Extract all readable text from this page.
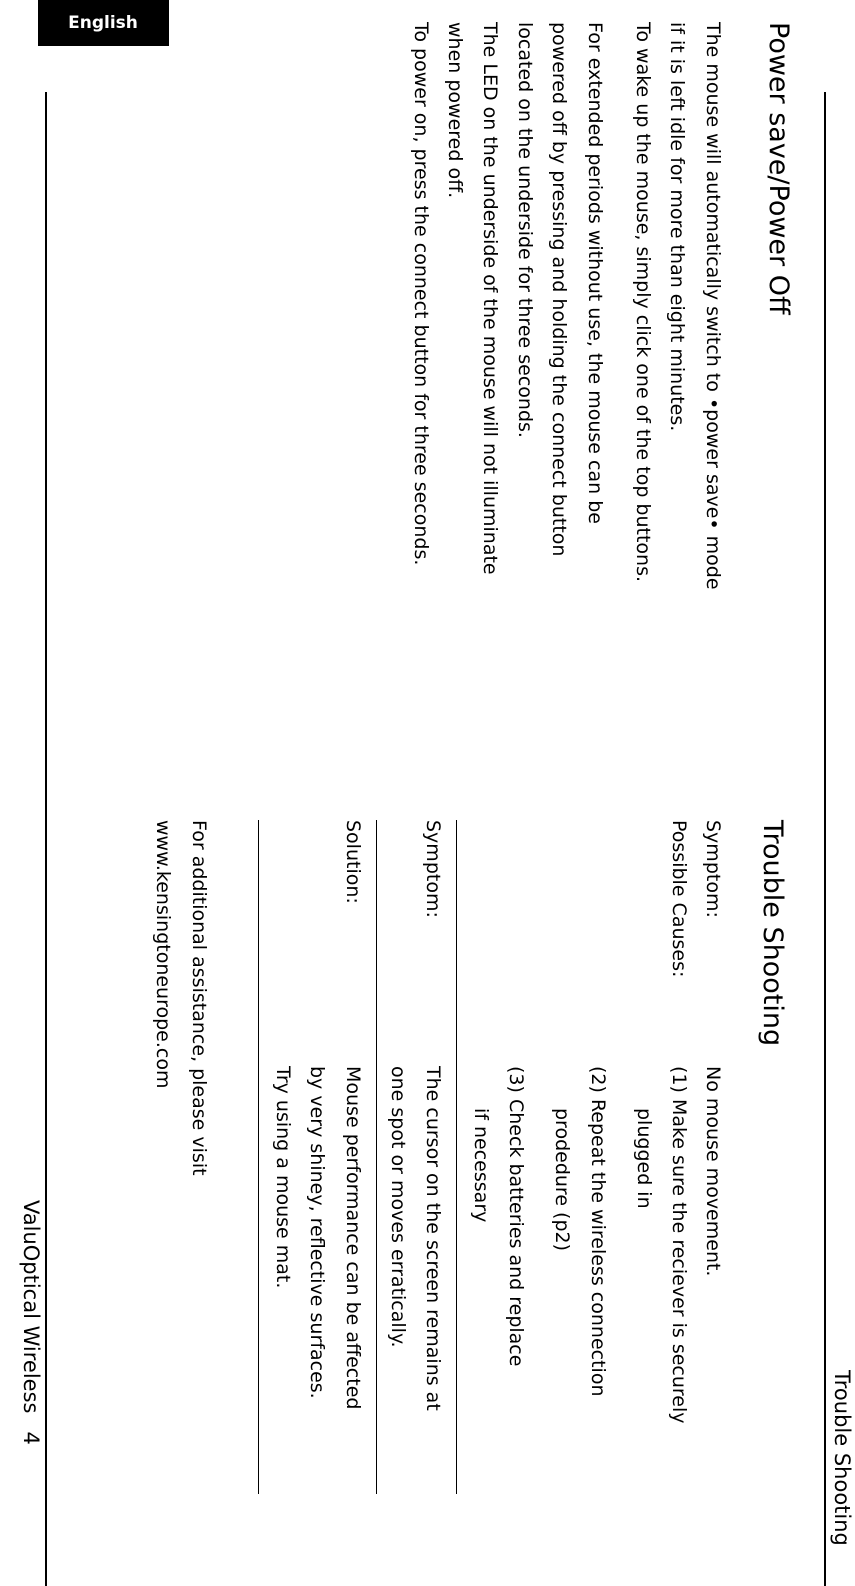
English
Trouble Shooting
ValuOptical Wireless4
Power save/Power Off
The mouse will automatically switch to •power save• mode
if it is left idle for more than eight minutes.
To wake up the mouse, simply click one of the top buttons.
For extended periods without use, the mouse can be
powered off by pressing and holding the connect button
located on the underside for three seconds.
The LED on the underside of the mouse will not illuminate
when powered off.
To power on, press the connect button for three seconds.
Trouble Shooting
Symptom:
No mouse movement.
Possible Causes:
(1) Make sure the reciever is securely
plugged in
(2) Repeat the wireless connection
prodedure (p2)
(3) Check batteries and replace
if necessary
Symptom:
The cursor on the screen remains at
one spot or moves erratically.
Solution:
Mouse performance can be affected
by very shiney, reflective surfaces.
Try using a mouse mat.
For additional assistance, please visit
www.kensingtoneurope.com
